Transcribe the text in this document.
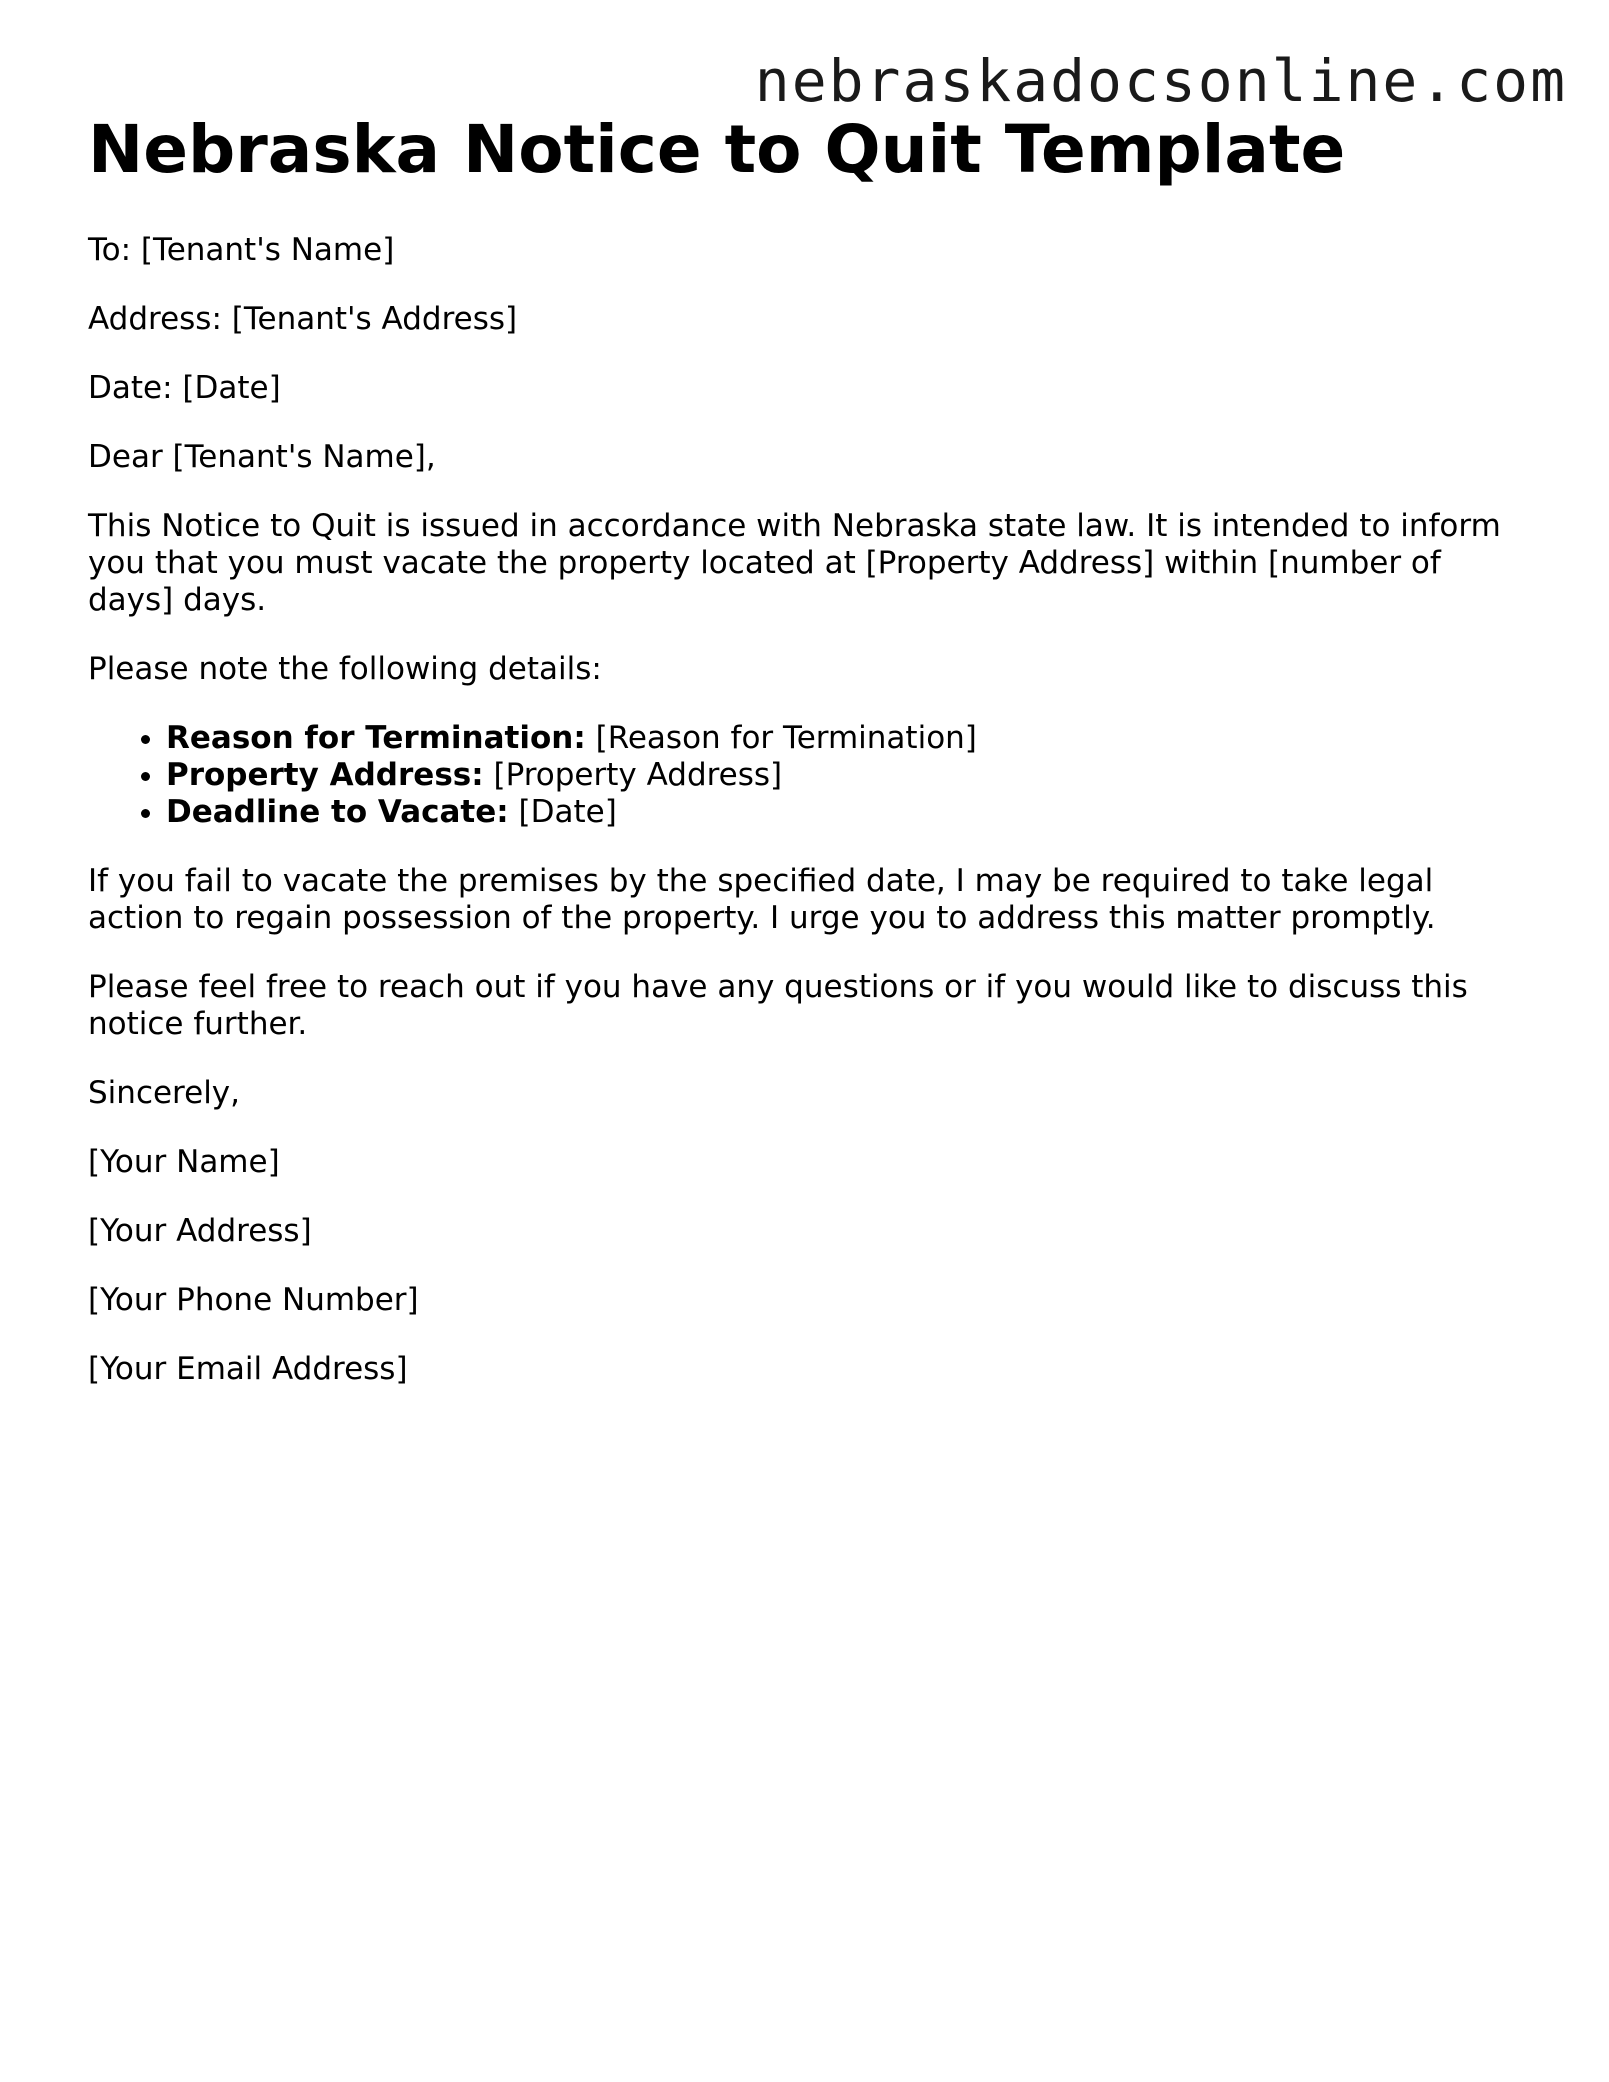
nebraskadocsonline.com
Nebraska Notice to Quit Template

To: [Tenant's Name]

Address: [Tenant's Address]

Date: [Date]

Dear [Tenant's Name],

This Notice to Quit is issued in accordance with Nebraska state law. It is intended to inform you that you must vacate the property located at [Property Address] within [number of days] days.

Please note the following details:

• Reason for Termination: [Reason for Termination]
• Property Address: [Property Address]
• Deadline to Vacate: [Date]

If you fail to vacate the premises by the specified date, I may be required to take legal action to regain possession of the property. I urge you to address this matter promptly.

Please feel free to reach out if you have any questions or if you would like to discuss this notice further.

Sincerely,

[Your Name]

[Your Address]

[Your Phone Number]

[Your Email Address]
